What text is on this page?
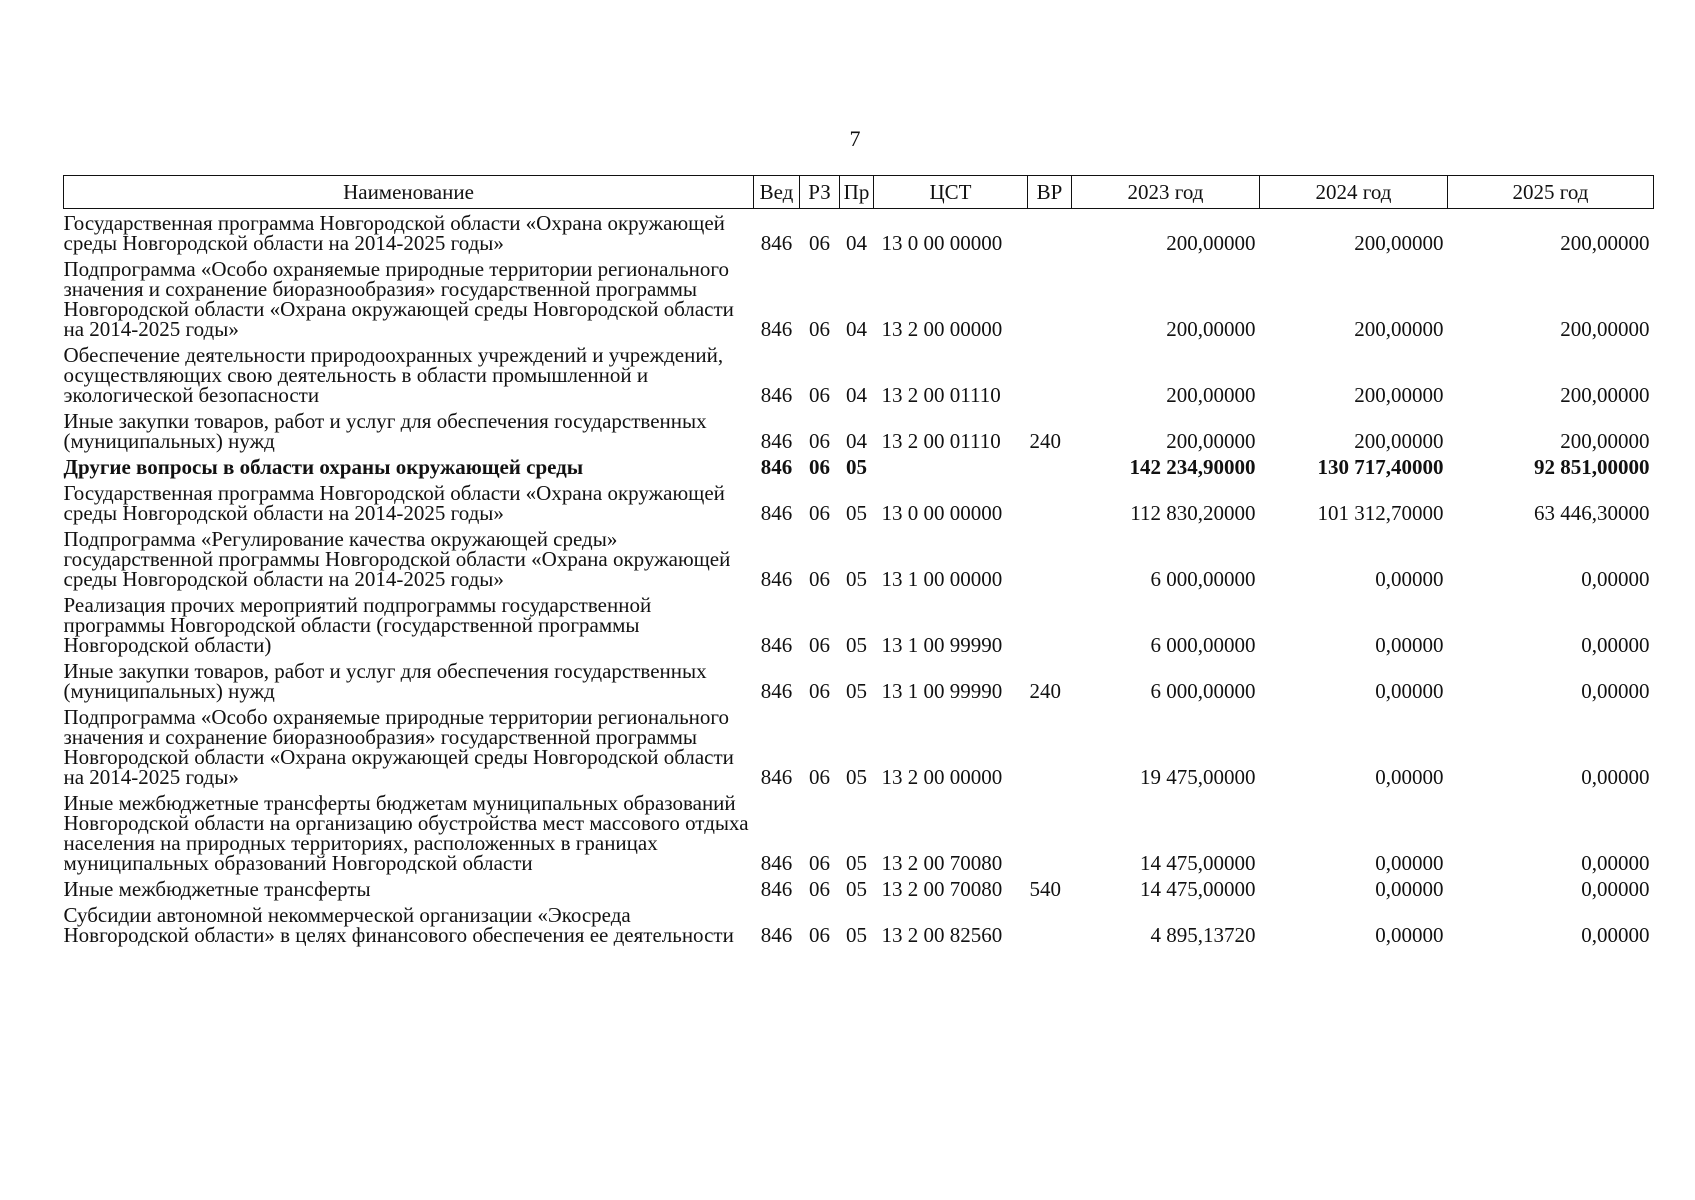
7
Наименование	Вед	РЗ	Пр	ЦСТ	ВР	2023 год	2024 год	2025 год
Государственная программа Новгородской области «Охрана окружающей среды Новгородской области на 2014-2025 годы»	846	06	04	13 0 00 00000		200,00000	200,00000	200,00000
Подпрограмма «Особо охраняемые природные территории регионального значения и сохранение биоразнообразия» государственной программы Новгородской области «Охрана окружающей среды Новгородской области на 2014-2025 годы»	846	06	04	13 2 00 00000		200,00000	200,00000	200,00000
Обеспечение деятельности природоохранных учреждений и учреждений, осуществляющих свою деятельность в области промышленной и экологической безопасности	846	06	04	13 2 00 01110		200,00000	200,00000	200,00000
Иные закупки товаров, работ и услуг для обеспечения государственных (муниципальных) нужд	846	06	04	13 2 00 01110	240	200,00000	200,00000	200,00000
Другие вопросы в области охраны окружающей среды	846	06	05			142 234,90000	130 717,40000	92 851,00000
Государственная программа Новгородской области «Охрана окружающей среды Новгородской области на 2014-2025 годы»	846	06	05	13 0 00 00000		112 830,20000	101 312,70000	63 446,30000
Подпрограмма «Регулирование качества окружающей среды» государственной программы Новгородской области «Охрана окружающей среды Новгородской области на 2014-2025 годы»	846	06	05	13 1 00 00000		6 000,00000	0,00000	0,00000
Реализация прочих мероприятий подпрограммы государственной программы Новгородской области (государственной программы Новгородской области)	846	06	05	13 1 00 99990		6 000,00000	0,00000	0,00000
Иные закупки товаров, работ и услуг для обеспечения государственных (муниципальных) нужд	846	06	05	13 1 00 99990	240	6 000,00000	0,00000	0,00000
Подпрограмма «Особо охраняемые природные территории регионального значения и сохранение биоразнообразия» государственной программы Новгородской области «Охрана окружающей среды Новгородской области на 2014-2025 годы»	846	06	05	13 2 00 00000		19 475,00000	0,00000	0,00000
Иные межбюджетные трансферты бюджетам муниципальных образований Новгородской области на организацию обустройства мест массового отдыха населения на природных территориях, расположенных в границах муниципальных образований Новгородской области	846	06	05	13 2 00 70080		14 475,00000	0,00000	0,00000
Иные межбюджетные трансферты	846	06	05	13 2 00 70080	540	14 475,00000	0,00000	0,00000
Субсидии автономной некоммерческой организации «Экосреда Новгородской области» в целях финансового обеспечения ее деятельности	846	06	05	13 2 00 82560		4 895,13720	0,00000	0,00000
